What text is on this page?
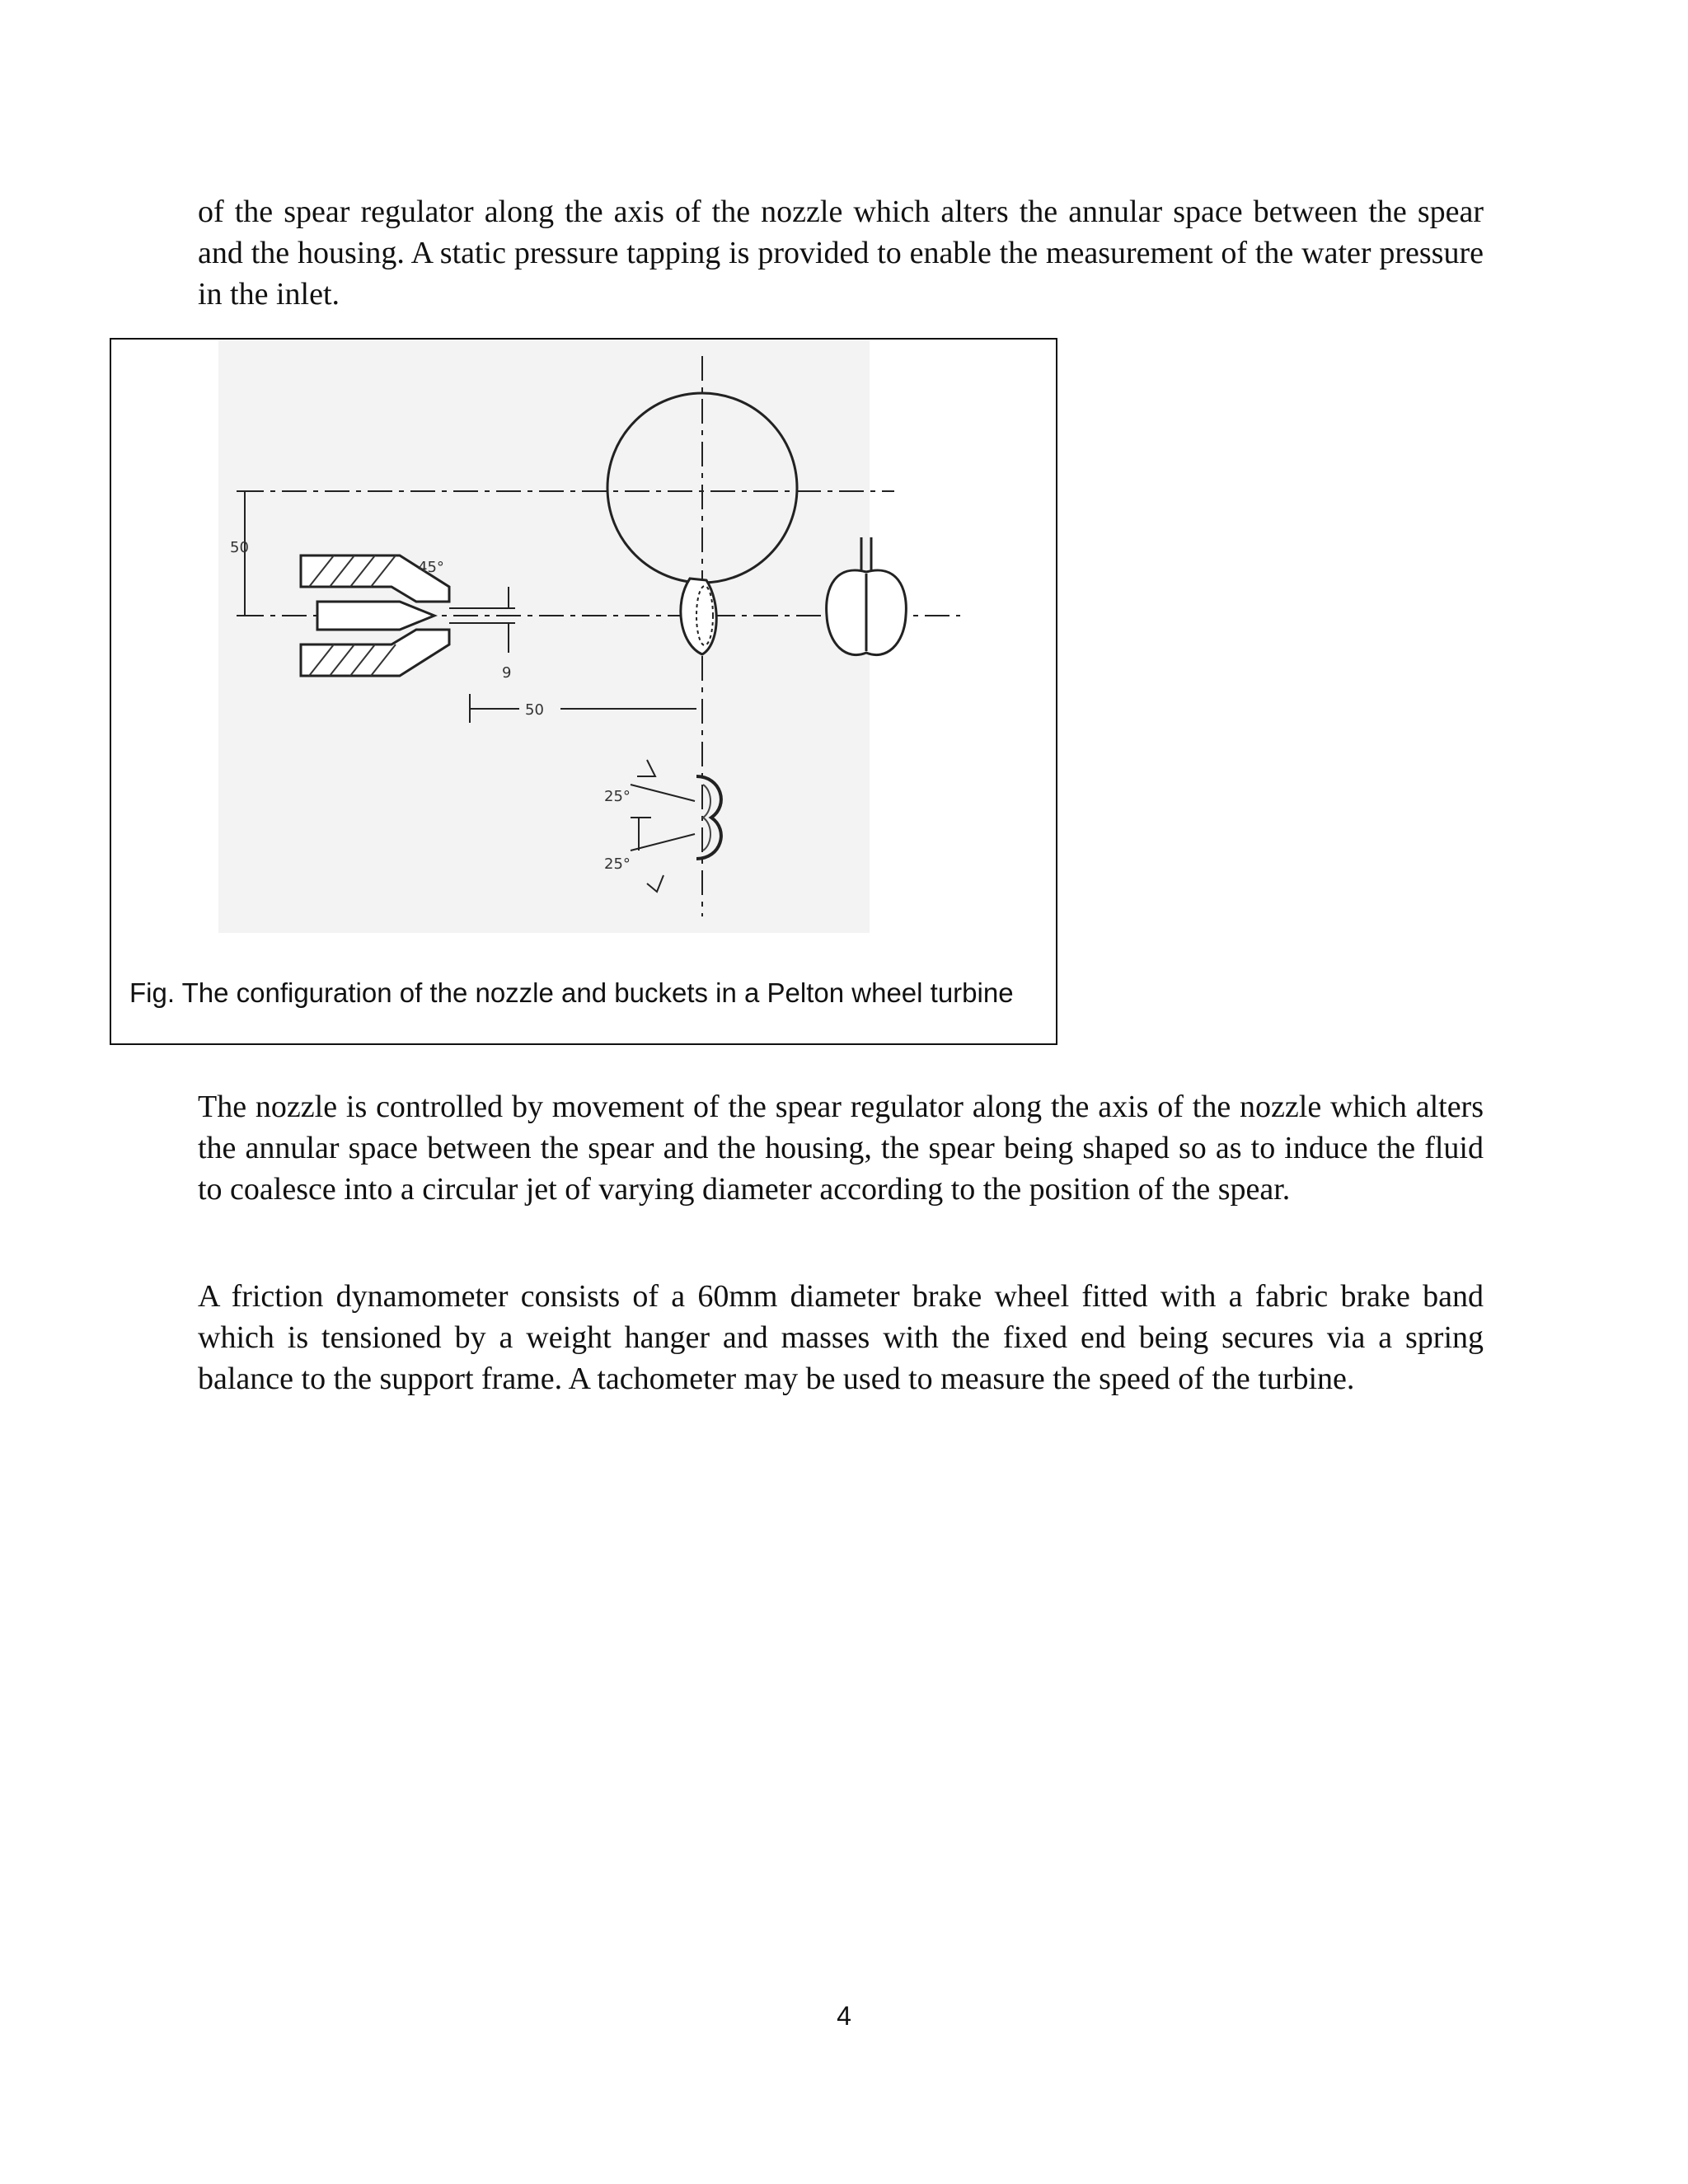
of the spear regulator along the axis of the nozzle which alters the annular space between the spear and the housing. A static pressure tapping is provided to enable the measurement of the water pressure in the inlet.

50
45°
9
50
25°
25°
Fig. The configuration of the nozzle and buckets in a Pelton wheel turbine

The nozzle is controlled by movement of the spear regulator along the axis of the nozzle which alters the annular space between the spear and the housing, the spear being shaped so as to induce the fluid to coalesce into a circular jet of varying diameter according to the position of the spear.

A friction dynamometer consists of a 60mm diameter brake wheel fitted with a fabric brake band which is tensioned by a weight hanger and masses with the fixed end being secures via a spring balance to the support frame. A tachometer may be used to measure the speed of the turbine.

4
